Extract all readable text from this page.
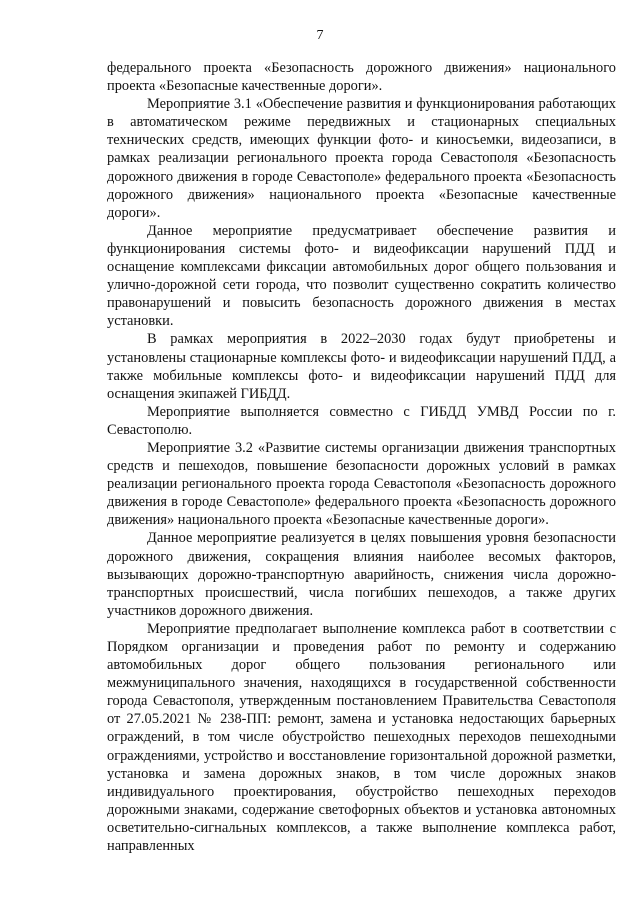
7

федерального проекта «Безопасность дорожного движения» национального проекта «Безопасные качественные дороги».

Мероприятие 3.1 «Обеспечение развития и функционирования работающих в автоматическом режиме передвижных и стационарных специальных технических средств, имеющих функции фото- и киносъемки, видеозаписи, в рамках реализации регионального проекта города Севастополя «Безопасность дорожного движения в городе Севастополе» федерального проекта «Безопасность дорожного движения» национального проекта «Безопасные качественные дороги».

Данное мероприятие предусматривает обеспечение развития и функционирования системы фото- и видеофиксации нарушений ПДД и оснащение комплексами фиксации автомобильных дорог общего пользования и улично-дорожной сети города, что позволит существенно сократить количество правонарушений и повысить безопасность дорожного движения в местах установки.

В рамках мероприятия в 2022–2030 годах будут приобретены и установлены стационарные комплексы фото- и видеофиксации нарушений ПДД, а также мобильные комплексы фото- и видеофиксации нарушений ПДД для оснащения экипажей ГИБДД.

Мероприятие выполняется совместно с ГИБДД УМВД России по г. Севастополю.

Мероприятие 3.2 «Развитие системы организации движения транспортных средств и пешеходов, повышение безопасности дорожных условий в рамках реализации регионального проекта города Севастополя «Безопасность дорожного движения в городе Севастополе» федерального проекта «Безопасность дорожного движения» национального проекта «Безопасные качественные дороги».

Данное мероприятие реализуется в целях повышения уровня безопасности дорожного движения, сокращения влияния наиболее весомых факторов, вызывающих дорожно-транспортную аварийность, снижения числа дорожно-транспортных происшествий, числа погибших пешеходов, а также других участников дорожного движения.

Мероприятие предполагает выполнение комплекса работ в соответствии с Порядком организации и проведения работ по ремонту и содержанию автомобильных дорог общего пользования регионального или межмуниципального значения, находящихся в государственной собственности города Севастополя, утвержденным постановлением Правительства Севастополя от 27.05.2021 № 238-ПП: ремонт, замена и установка недостающих барьерных ограждений, в том числе обустройство пешеходных переходов пешеходными ограждениями, устройство и восстановление горизонтальной дорожной разметки, установка и замена дорожных знаков, в том числе дорожных знаков индивидуального проектирования, обустройство пешеходных переходов дорожными знаками, содержание светофорных объектов и установка автономных осветительно-сигнальных комплексов, а также выполнение комплекса работ, направленных
